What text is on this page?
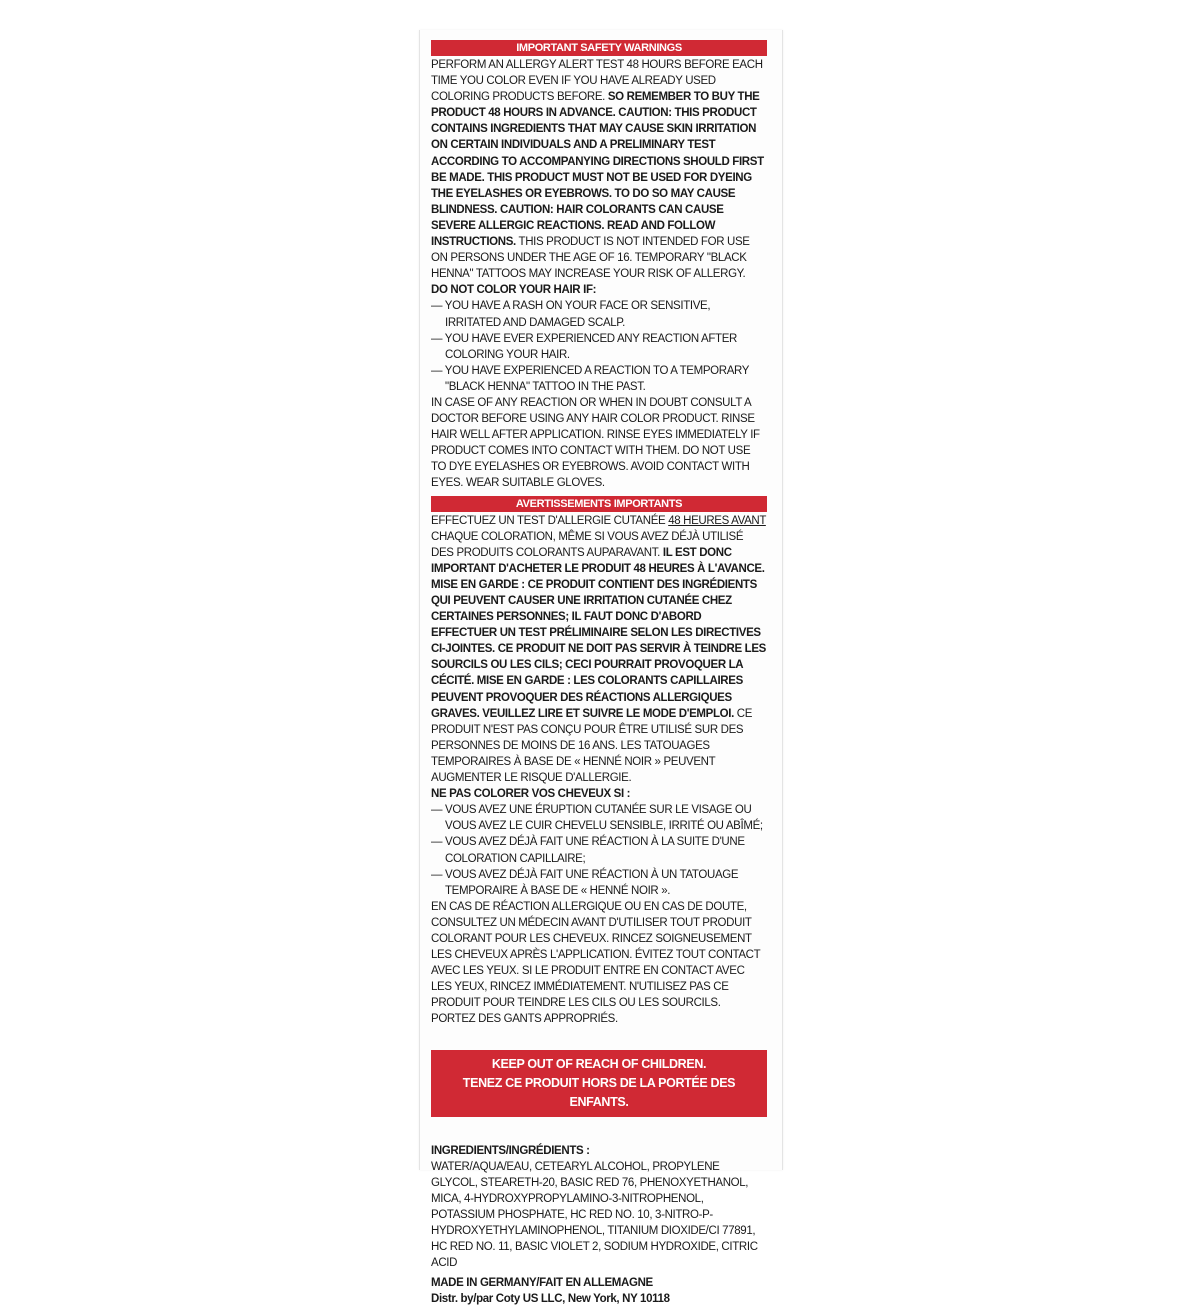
IMPORTANT SAFETY WARNINGS

PERFORM AN ALLERGY ALERT TEST 48 HOURS BEFORE EACH TIME YOU COLOR EVEN IF YOU HAVE ALREADY USED COLORING PRODUCTS BEFORE. SO REMEMBER TO BUY THE PRODUCT 48 HOURS IN ADVANCE. CAUTION: THIS PRODUCT CONTAINS INGREDIENTS THAT MAY CAUSE SKIN IRRITATION ON CERTAIN INDIVIDUALS AND A PRELIMINARY TEST ACCORDING TO ACCOMPANYING DIRECTIONS SHOULD FIRST BE MADE. THIS PRODUCT MUST NOT BE USED FOR DYEING THE EYELASHES OR EYEBROWS. TO DO SO MAY CAUSE BLINDNESS. CAUTION: HAIR COLORANTS CAN CAUSE SEVERE ALLERGIC REACTIONS. READ AND FOLLOW INSTRUCTIONS. THIS PRODUCT IS NOT INTENDED FOR USE ON PERSONS UNDER THE AGE OF 16. TEMPORARY "BLACK HENNA" TATTOOS MAY INCREASE YOUR RISK OF ALLERGY.

DO NOT COLOR YOUR HAIR IF:

— YOU HAVE A RASH ON YOUR FACE OR SENSITIVE, IRRITATED AND DAMAGED SCALP.

— YOU HAVE EVER EXPERIENCED ANY REACTION AFTER COLORING YOUR HAIR.

— YOU HAVE EXPERIENCED A REACTION TO A TEMPORARY "BLACK HENNA" TATTOO IN THE PAST.

IN CASE OF ANY REACTION OR WHEN IN DOUBT CONSULT A DOCTOR BEFORE USING ANY HAIR COLOR PRODUCT. RINSE HAIR WELL AFTER APPLICATION. RINSE EYES IMMEDIATELY IF PRODUCT COMES INTO CONTACT WITH THEM. DO NOT USE TO DYE EYELASHES OR EYEBROWS. AVOID CONTACT WITH EYES. WEAR SUITABLE GLOVES.

AVERTISSEMENTS IMPORTANTS

EFFECTUEZ UN TEST D'ALLERGIE CUTANÉE 48 HEURES AVANT CHAQUE COLORATION, MÊME SI VOUS AVEZ DÉJÀ UTILISÉ DES PRODUITS COLORANTS AUPARAVANT. IL EST DONC IMPORTANT D'ACHETER LE PRODUIT 48 HEURES À L'AVANCE. MISE EN GARDE : CE PRODUIT CONTIENT DES INGRÉDIENTS QUI PEUVENT CAUSER UNE IRRITATION CUTANÉE CHEZ CERTAINES PERSONNES; IL FAUT DONC D'ABORD EFFECTUER UN TEST PRÉLIMINAIRE SELON LES DIRECTIVES CI-JOINTES. CE PRODUIT NE DOIT PAS SERVIR À TEINDRE LES SOURCILS OU LES CILS; CECI POURRAIT PROVOQUER LA CÉCITÉ. MISE EN GARDE : LES COLORANTS CAPILLAIRES PEUVENT PROVOQUER DES RÉACTIONS ALLERGIQUES GRAVES. VEUILLEZ LIRE ET SUIVRE LE MODE D'EMPLOI. CE PRODUIT N'EST PAS CONÇU POUR ÊTRE UTILISÉ SUR DES PERSONNES DE MOINS DE 16 ANS. LES TATOUAGES TEMPORAIRES À BASE DE « HENNÉ NOIR » PEUVENT AUGMENTER LE RISQUE D'ALLERGIE.

NE PAS COLORER VOS CHEVEUX SI :

— VOUS AVEZ UNE ÉRUPTION CUTANÉE SUR LE VISAGE OU VOUS AVEZ LE CUIR CHEVELU SENSIBLE, IRRITÉ OU ABÎMÉ;

— VOUS AVEZ DÉJÀ FAIT UNE RÉACTION À LA SUITE D'UNE COLORATION CAPILLAIRE;

— VOUS AVEZ DÉJÀ FAIT UNE RÉACTION À UN TATOUAGE TEMPORAIRE À BASE DE « HENNÉ NOIR ».

EN CAS DE RÉACTION ALLERGIQUE OU EN CAS DE DOUTE, CONSULTEZ UN MÉDECIN AVANT D'UTILISER TOUT PRODUIT COLORANT POUR LES CHEVEUX. RINCEZ SOIGNEUSEMENT LES CHEVEUX APRÈS L'APPLICATION. ÉVITEZ TOUT CONTACT AVEC LES YEUX. SI LE PRODUIT ENTRE EN CONTACT AVEC LES YEUX, RINCEZ IMMÉDIATEMENT. N'UTILISEZ PAS CE PRODUIT POUR TEINDRE LES CILS OU LES SOURCILS. PORTEZ DES GANTS APPROPRIÉS.

KEEP OUT OF REACH OF CHILDREN.
TENEZ CE PRODUIT HORS DE LA PORTÉE DES ENFANTS.

INGREDIENTS/INGRÉDIENTS :

WATER/AQUA/EAU, CETEARYL ALCOHOL, PROPYLENE GLYCOL, STEARETH-20, BASIC RED 76, PHENOXYETHANOL, MICA, 4-HYDROXYPROPYLAMINO-3-NITROPHENOL, POTASSIUM PHOSPHATE, HC RED NO. 10, 3-NITRO-P-HYDROXYETHYLAMINOPHENOL, TITANIUM DIOXIDE/CI 77891, HC RED NO. 11, BASIC VIOLET 2, SODIUM HYDROXIDE, CITRIC ACID

MADE IN GERMANY/FAIT EN ALLEMAGNE

Distr. by/par Coty US LLC, New York, NY 10118
